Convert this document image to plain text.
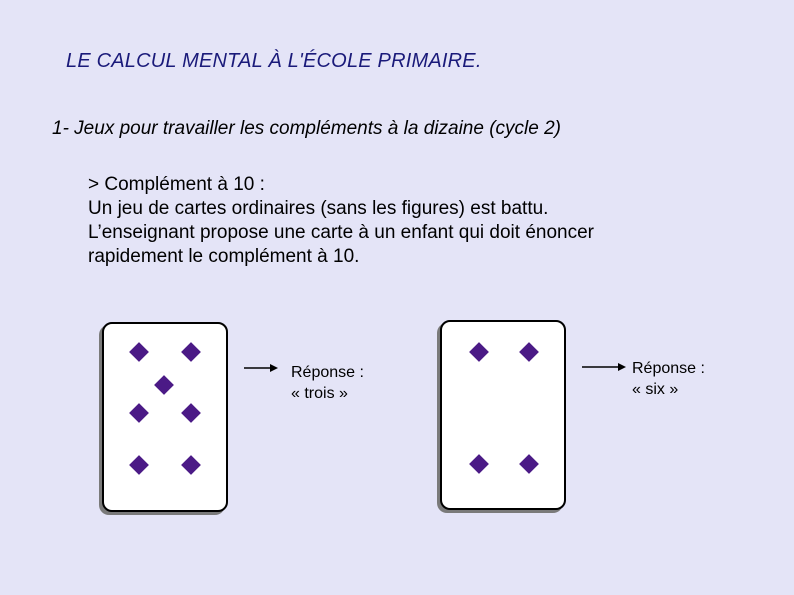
LE CALCUL MENTAL À L'ÉCOLE PRIMAIRE.
1- Jeux pour travailler les compléments à la dizaine (cycle 2)
> Complément à 10 :
Un jeu de cartes ordinaires (sans les figures) est battu.
L’enseignant propose une carte à un enfant qui doit énoncer
rapidement le complément à 10.
Réponse :
« trois »
Réponse :
« six »
